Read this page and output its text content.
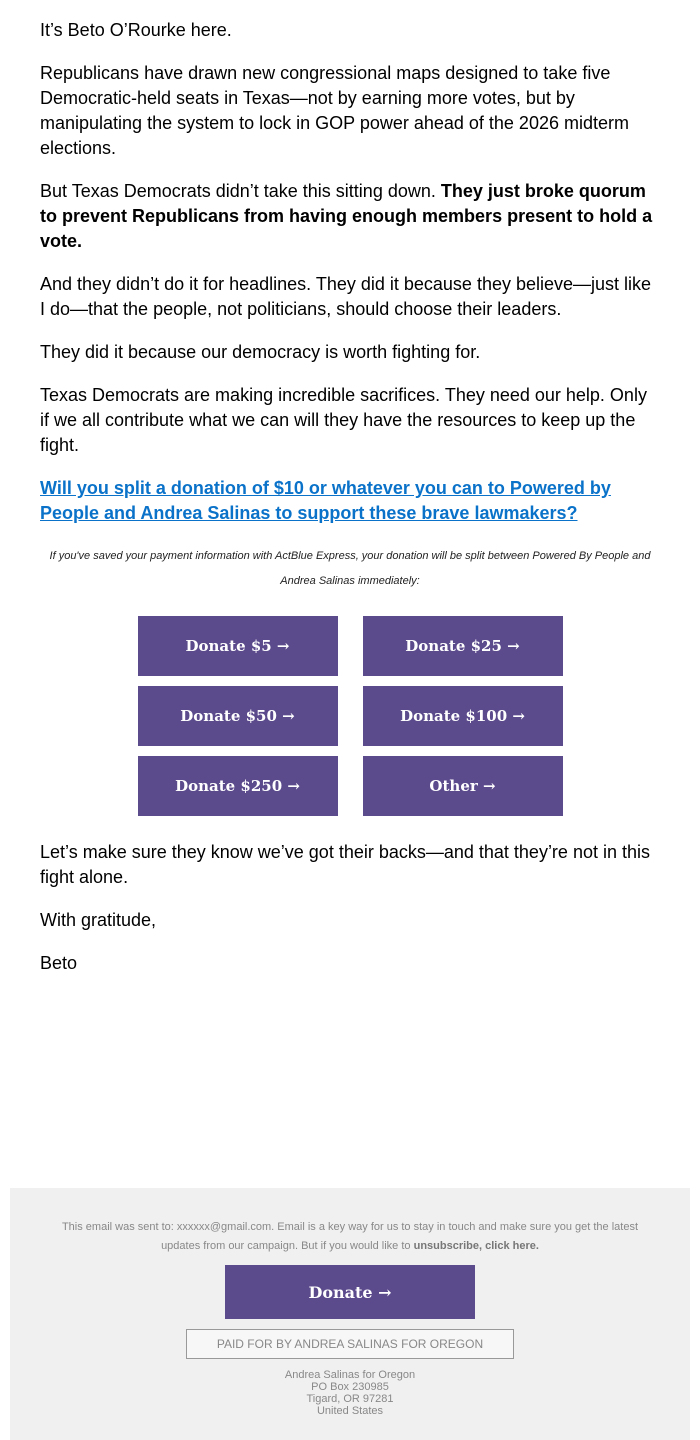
It’s Beto O’Rourke here.

Republicans have drawn new congressional maps designed to take five Democratic-held seats in Texas—not by earning more votes, but by manipulating the system to lock in GOP power ahead of the 2026 midterm elections.

But Texas Democrats didn’t take this sitting down. They just broke quorum to prevent Republicans from having enough members present to hold a vote.

And they didn’t do it for headlines. They did it because they believe—just like I do—that the people, not politicians, should choose their leaders.

They did it because our democracy is worth fighting for.

Texas Democrats are making incredible sacrifices. They need our help. Only if we all contribute what we can will they have the resources to keep up the fight.

Will you split a donation of $10 or whatever you can to Powered by People and Andrea Salinas to support these brave lawmakers?
If you've saved your payment information with ActBlue Express, your donation will be split between Powered By People and Andrea Salinas immediately:
Donate $5 →	Donate $25 →
Donate $50 →	Donate $100 →
Donate $250 →	Other →

Let’s make sure they know we’ve got their backs—and that they’re not in this fight alone.

With gratitude,

Beto

This email was sent to: xxxxxx@gmail.com. Email is a key way for us to stay in touch and make sure you get the latest updates from our campaign. But if you would like to unsubscribe, click here.
Donate →
PAID FOR BY ANDREA SALINAS FOR OREGON
Andrea Salinas for Oregon
PO Box 230985
Tigard, OR 97281
United States
